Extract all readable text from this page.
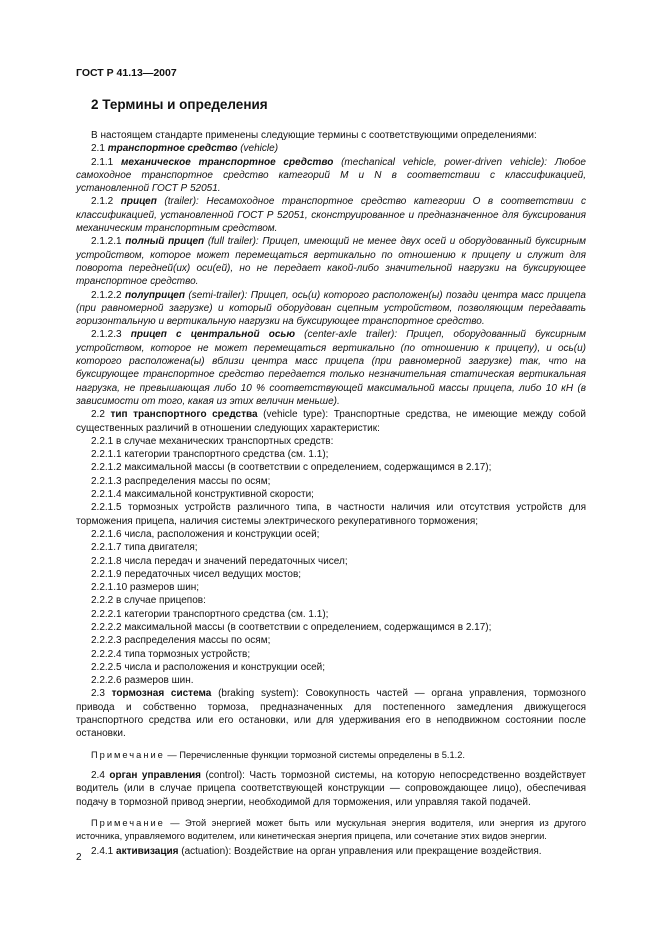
ГОСТ Р 41.13—2007
2 Термины и определения

В настоящем стандарте применены следующие термины с соответствующими определениями:

2.1 транспортное средство (vehicle)

2.1.1 механическое транспортное средство (mechanical vehicle, power-driven vehicle): Любое самоходное транспортное средство категорий М и N в соответствии с классификацией, установленной ГОСТ Р 52051.

2.1.2 прицеп (trailer): Несамоходное транспортное средство категории О в соответствии с классификацией, установленной ГОСТ Р 52051, сконструированное и предназначенное для буксирования механическим транспортным средством.

2.1.2.1 полный прицеп (full trailer): Прицеп, имеющий не менее двух осей и оборудованный буксирным устройством, которое может перемещаться вертикально по отношению к прицепу и служит для поворота передней(их) оси(ей), но не передает какой-либо значительной нагрузки на буксирующее транспортное средство.

2.1.2.2 полуприцеп (semi-trailer): Прицеп, ось(и) которого расположен(ы) позади центра масс прицепа (при равномерной загрузке) и который оборудован сцепным устройством, позволяющим передавать горизонтальную и вертикальную нагрузки на буксирующее транспортное средство.

2.1.2.3 прицеп с центральной осью (center-axle trailer): Прицеп, оборудованный буксирным устройством, которое не может перемещаться вертикально (по отношению к прицепу), и ось(и) которого расположена(ы) вблизи центра масс прицепа (при равномерной загрузке) так, что на буксирующее транспортное средство передается только незначительная статическая вертикальная нагрузка, не превышающая либо 10 % соответствующей максимальной массы прицепа, либо 10 кН (в зависимости от того, какая из этих величин меньше).

2.2 тип транспортного средства (vehicle type): Транспортные средства, не имеющие между собой существенных различий в отношении следующих характеристик:

2.2.1 в случае механических транспортных средств:

2.2.1.1 категории транспортного средства (см. 1.1);

2.2.1.2 максимальной массы (в соответствии с определением, содержащимся в 2.17);

2.2.1.3 распределения массы по осям;

2.2.1.4 максимальной конструктивной скорости;

2.2.1.5 тормозных устройств различного типа, в частности наличия или отсутствия устройств для торможения прицепа, наличия системы электрического рекуперативного торможения;

2.2.1.6 числа, расположения и конструкции осей;

2.2.1.7 типа двигателя;

2.2.1.8 числа передач и значений передаточных чисел;

2.2.1.9 передаточных чисел ведущих мостов;

2.2.1.10 размеров шин;

2.2.2 в случае прицепов:

2.2.2.1 категории транспортного средства (см. 1.1);

2.2.2.2 максимальной массы (в соответствии с определением, содержащимся в 2.17);

2.2.2.3 распределения массы по осям;

2.2.2.4 типа тормозных устройств;

2.2.2.5 числа и расположения и конструкции осей;

2.2.2.6 размеров шин.

2.3 тормозная система (braking system): Совокупность частей — органа управления, тормозного привода и собственно тормоза, предназначенных для постепенного замедления движущегося транспортного средства или его остановки, или для удерживания его в неподвижном состоянии после остановки.

Примечание — Перечисленные функции тормозной системы определены в 5.1.2.

2.4 орган управления (control): Часть тормозной системы, на которую непосредственно воздействует водитель (или в случае прицепа соответствующей конструкции — сопровождающее лицо), обеспечивая подачу в тормозной привод энергии, необходимой для торможения, или управляя такой подачей.

Примечание — Этой энергией может быть или мускульная энергия водителя, или энергия из другого источника, управляемого водителем, или кинетическая энергия прицепа, или сочетание этих видов энергии.

2.4.1 активизация (actuation): Воздействие на орган управления или прекращение воздействия.

2
